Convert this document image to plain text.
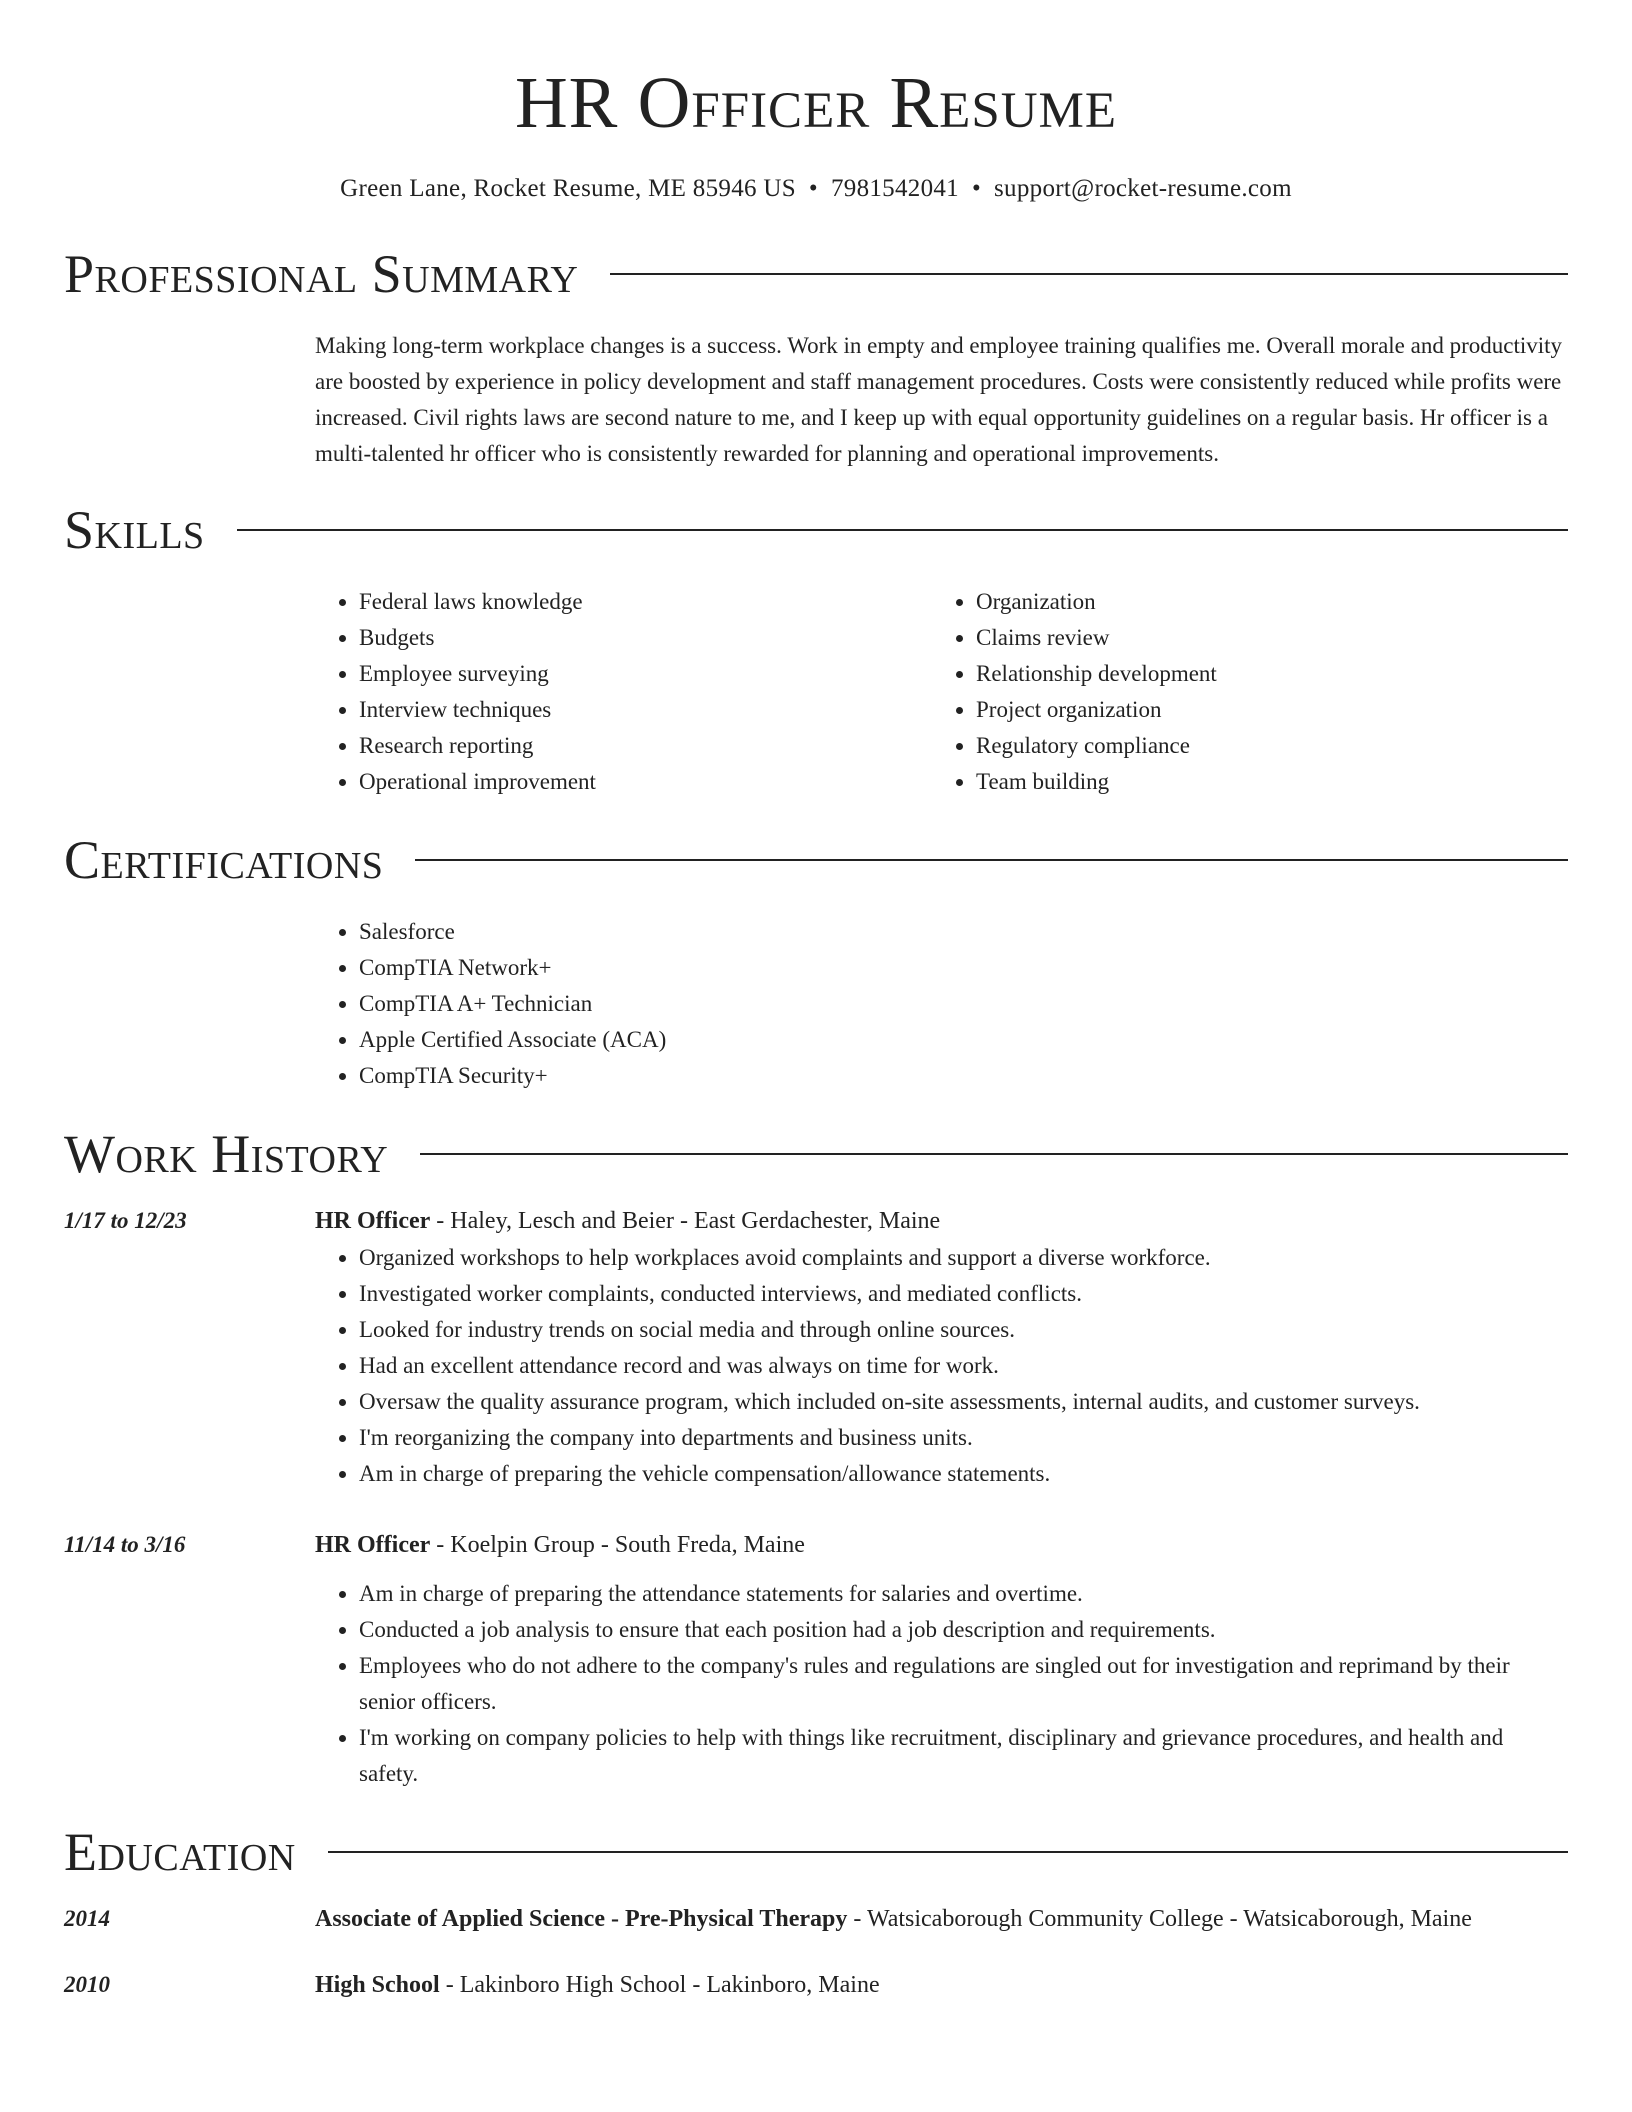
HR Officer Resume
Green Lane, Rocket Resume, ME 85946 US • 7981542041 • support@rocket-resume.com
Professional Summary
Making long-term workplace changes is a success. Work in empty and employee training qualifies me. Overall morale and productivity are boosted by experience in policy development and staff management procedures. Costs were consistently reduced while profits were increased. Civil rights laws are second nature to me, and I keep up with equal opportunity guidelines on a regular basis. Hr officer is a multi-talented hr officer who is consistently rewarded for planning and operational improvements.
Skills
• Federal laws knowledge
• Budgets
• Employee surveying
• Interview techniques
• Research reporting
• Operational improvement
• Organization
• Claims review
• Relationship development
• Project organization
• Regulatory compliance
• Team building
Certifications
• Salesforce
• CompTIA Network+
• CompTIA A+ Technician
• Apple Certified Associate (ACA)
• CompTIA Security+
Work History
1/17 to 12/23	HR Officer - Haley, Lesch and Beier - East Gerdachester, Maine
• Organized workshops to help workplaces avoid complaints and support a diverse workforce.
• Investigated worker complaints, conducted interviews, and mediated conflicts.
• Looked for industry trends on social media and through online sources.
• Had an excellent attendance record and was always on time for work.
• Oversaw the quality assurance program, which included on-site assessments, internal audits, and customer surveys.
• I'm reorganizing the company into departments and business units.
• Am in charge of preparing the vehicle compensation/allowance statements.
11/14 to 3/16	HR Officer - Koelpin Group - South Freda, Maine
• Am in charge of preparing the attendance statements for salaries and overtime.
• Conducted a job analysis to ensure that each position had a job description and requirements.
• Employees who do not adhere to the company's rules and regulations are singled out for investigation and reprimand by their senior officers.
• I'm working on company policies to help with things like recruitment, disciplinary and grievance procedures, and health and safety.
Education
2014	Associate of Applied Science - Pre-Physical Therapy - Watsicaborough Community College - Watsicaborough, Maine
2010	High School - Lakinboro High School - Lakinboro, Maine
